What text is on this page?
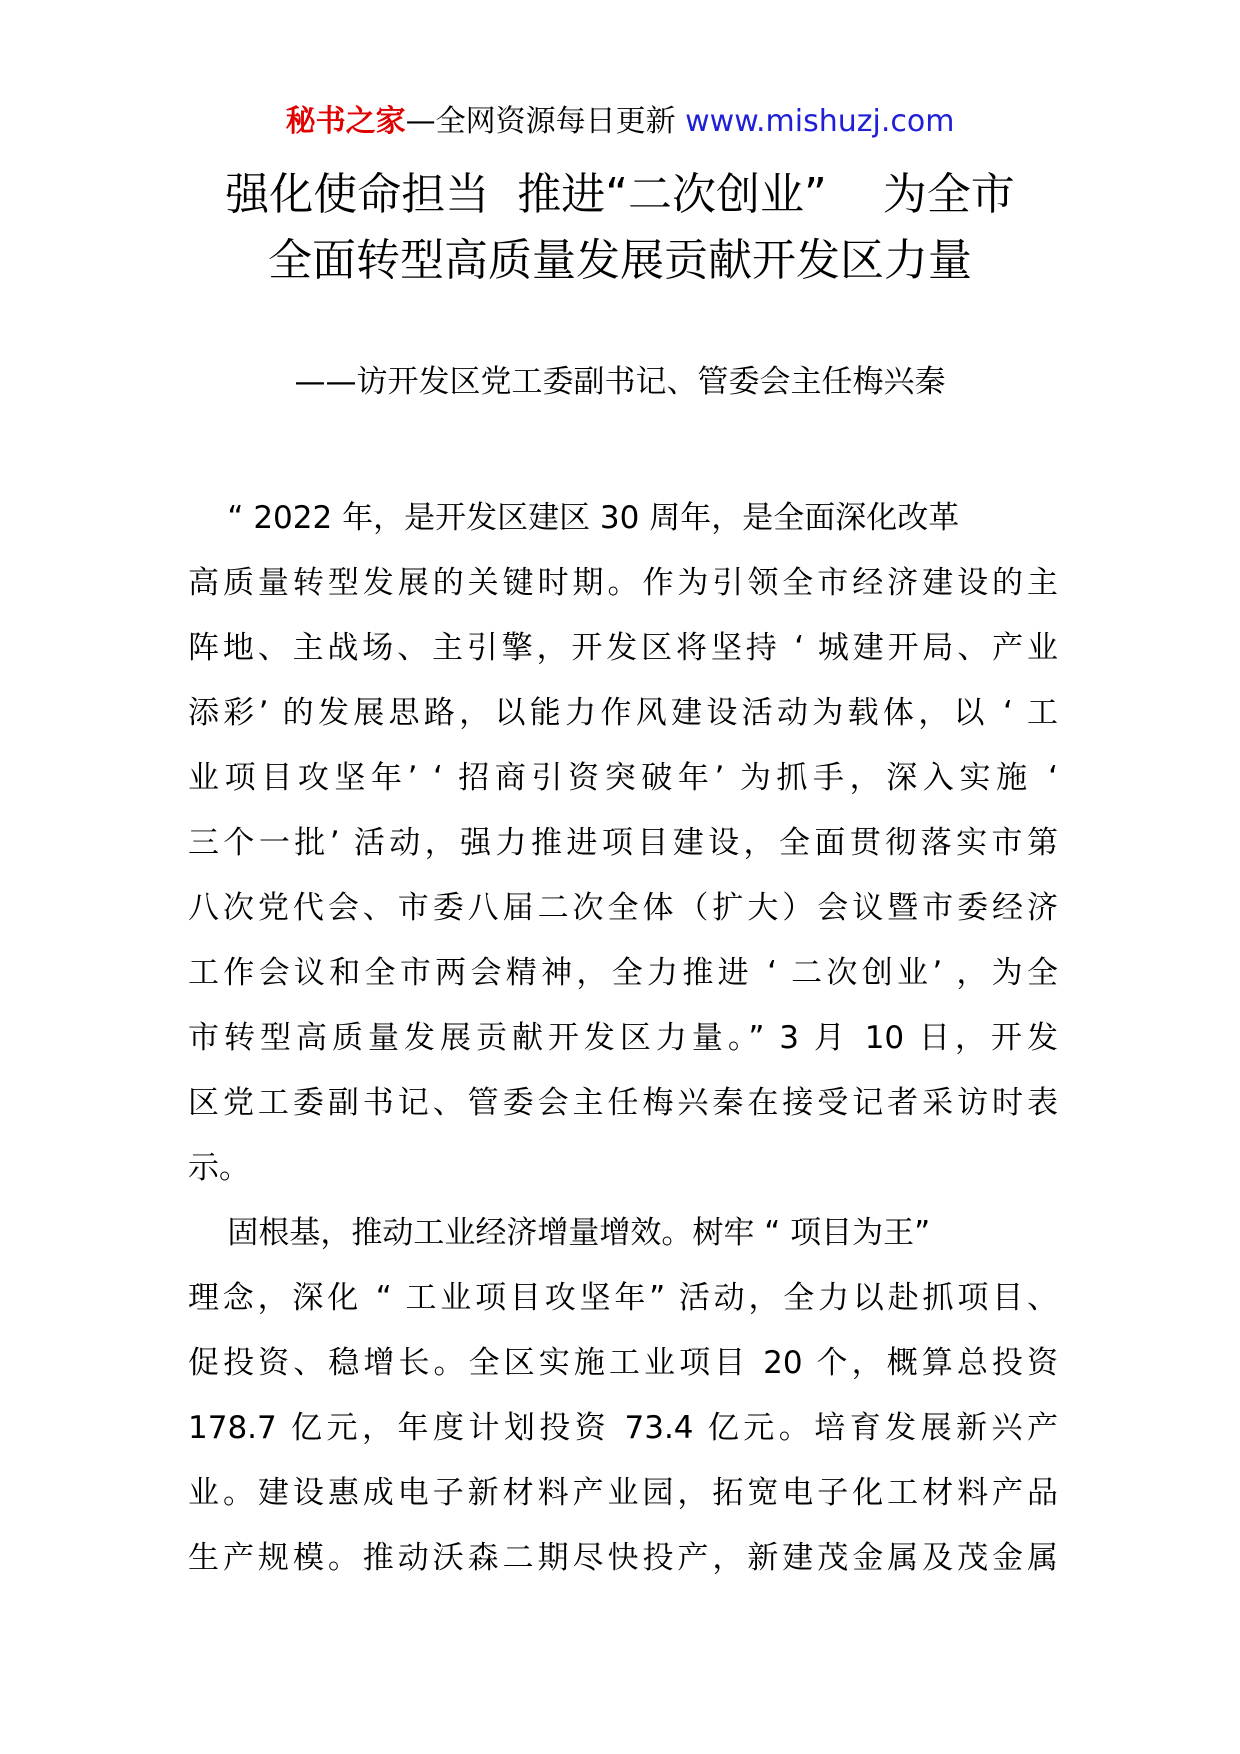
秘书之家—全网资源每日更新 www.mishuzj.com
强化使命担当  推进“二次创业”    为全市
全面转型高质量发展贡献开发区力量
——访开发区党工委副书记、管委会主任梅兴秦
“ 2022 年，是开发区建区 30 周年，是全面深化改革
高质量转型发展的关键时期。作为引领全市经济建设的主
阵地、主战场、主引擎，开发区将坚持 ‘ 城建开局、产业
添彩’ 的发展思路，以能力作风建设活动为载体，以 ‘ 工
业项目攻坚年’ ‘ 招商引资突破年’ 为抓手，深入实施 ‘
三个一批’ 活动，强力推进项目建设，全面贯彻落实市第
八次党代会、市委八届二次全体（扩大）会议暨市委经济
工作会议和全市两会精神，全力推进 ‘ 二次创业’ ，为全
市转型高质量发展贡献开发区力量。” 3 月 10 日，开发
区党工委副书记、管委会主任梅兴秦在接受记者采访时表
示。
固根基，推动工业经济增量增效。树牢 “ 项目为王”
理念，深化 “ 工业项目攻坚年” 活动，全力以赴抓项目、
促投资、稳增长。全区实施工业项目 20 个，概算总投资
178.7 亿元，年度计划投资 73.4 亿元。培育发展新兴产
业。建设惠成电子新材料产业园，拓宽电子化工材料产品
生产规模。推动沃森二期尽快投产，新建茂金属及茂金属
